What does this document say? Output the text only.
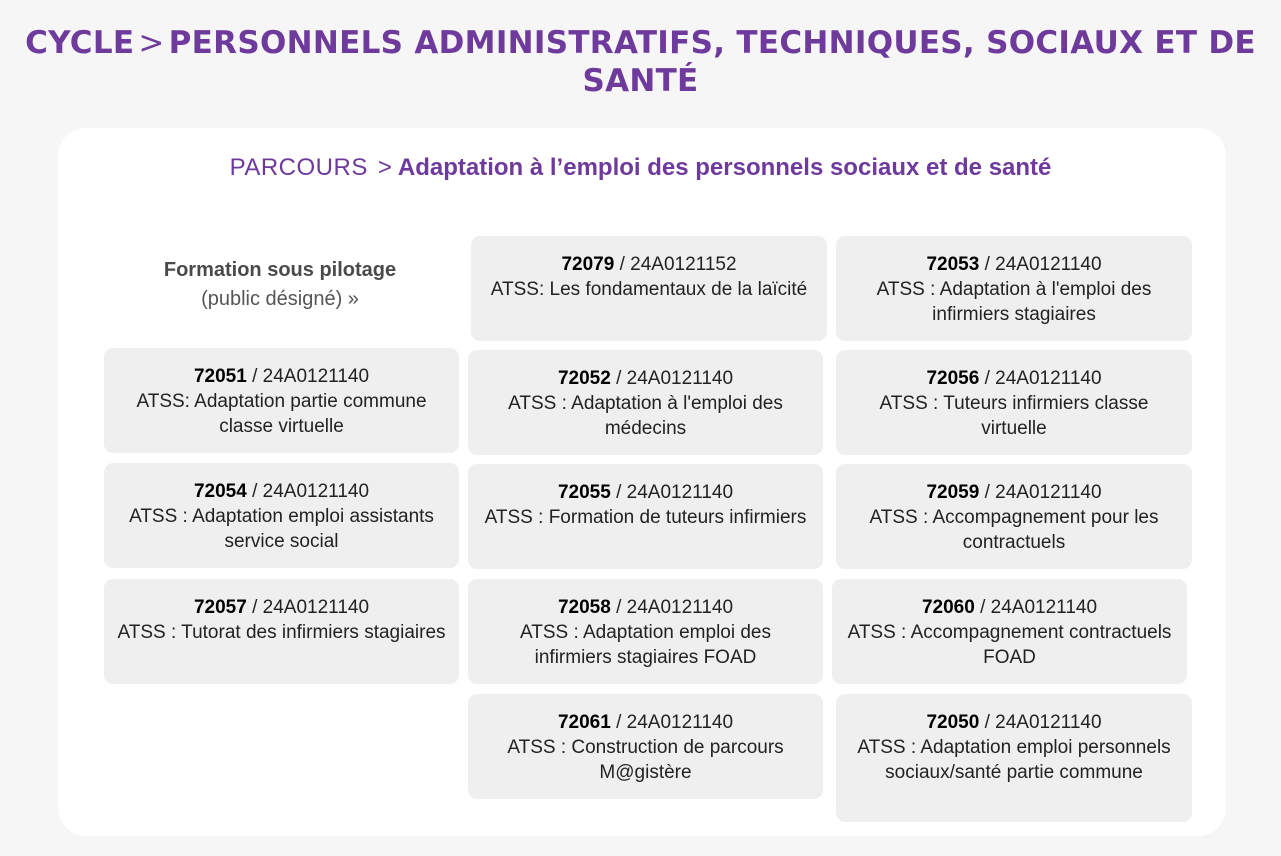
CYCLE > PERSONNELS ADMINISTRATIFS, TECHNIQUES, SOCIAUX ET DE SANTÉ
PARCOURS > Adaptation à l’emploi des personnels sociaux et de santé
Formation sous pilotage
(public désigné) »
72079 / 24A0121152
ATSS: Les fondamentaux de la laïcité
72053 / 24A0121140
ATSS : Adaptation à l'emploi des infirmiers stagiaires
72051 / 24A0121140
ATSS: Adaptation partie commune classe virtuelle
72052 / 24A0121140
ATSS : Adaptation à l'emploi des médecins
72056 / 24A0121140
ATSS : Tuteurs infirmiers classe virtuelle
72054 / 24A0121140
ATSS : Adaptation emploi assistants service social
72055 / 24A0121140
ATSS : Formation de tuteurs infirmiers
72059 / 24A0121140
ATSS : Accompagnement pour les contractuels
72057 / 24A0121140
ATSS : Tutorat des infirmiers stagiaires
72058 / 24A0121140
ATSS : Adaptation emploi des infirmiers stagiaires FOAD
72060 / 24A0121140
ATSS : Accompagnement contractuels FOAD
72061 / 24A0121140
ATSS : Construction de parcours M@gistère
72050 / 24A0121140
ATSS : Adaptation emploi personnels sociaux/santé partie commune
